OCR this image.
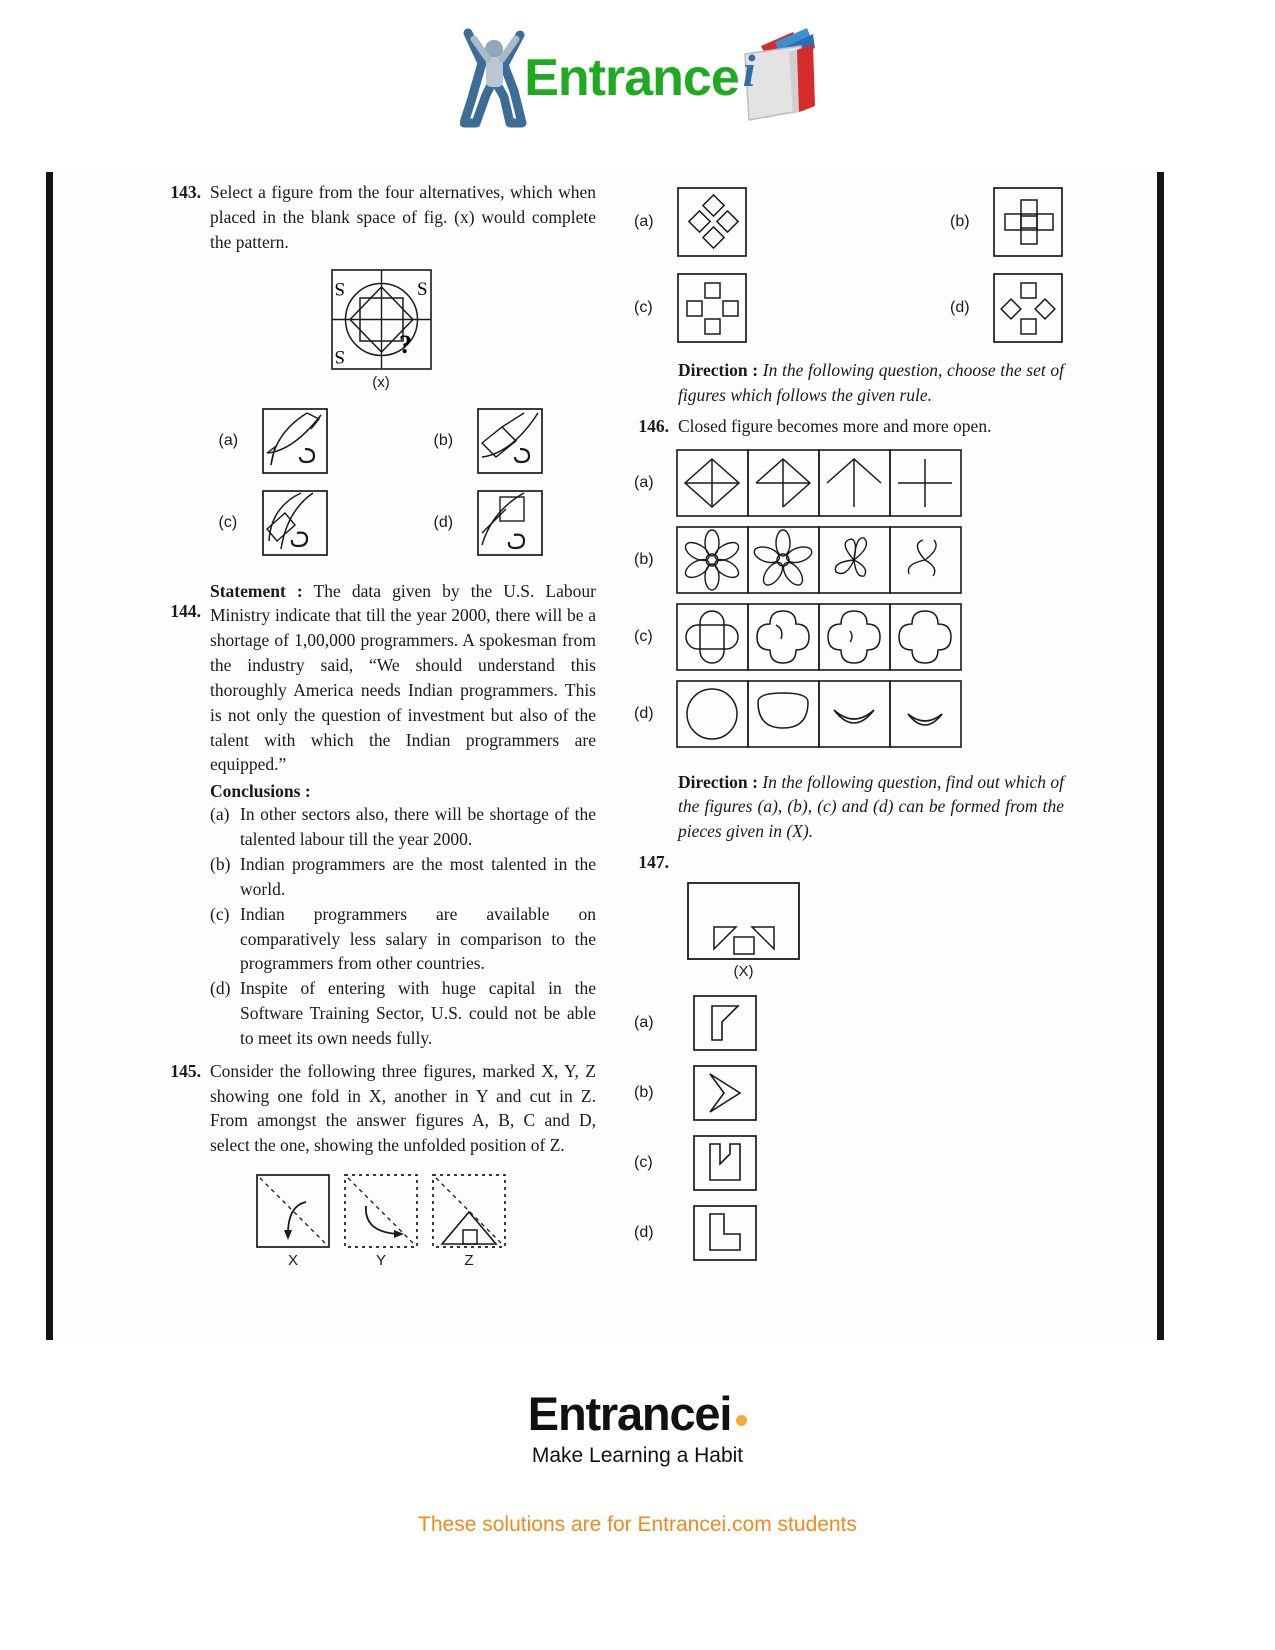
Entrance i
143. Select a figure from the four alternatives, which when placed in the blank space of fig. (x) would complete the pattern.
S	S
S ?
(x)
(a)	(b)
(c)	(d)
144.
Statement : The data given by the U.S. Labour Ministry indicate that till the year 2000, there will be a shortage of 1,00,000 programmers. A spokesman from the industry said, “We should understand this thoroughly America needs Indian programmers. This is not only the question of investment but also of the talent with which the Indian programmers are equipped.”
Conclusions :
(a) In other sectors also, there will be shortage of the talented labour till the year 2000.
(b) Indian programmers are the most talented in the world.
(c) Indian programmers are available on comparatively less salary in comparison to the programmers from other countries.
(d) Inspite of entering with huge capital in the Software Training Sector, U.S. could not be able to meet its own needs fully.
145. Consider the following three figures, marked X, Y, Z showing one fold in X, another in Y and cut in Z. From amongst the answer figures A, B, C and D, select the one, showing the unfolded position of Z.
X	Y	Z
(a)	(b)
(c)	(d)
Direction : In the following question, choose the set of figures which follows the given rule.
146. Closed figure becomes more and more open.
(a)
(b)
(c)
(d)
Direction : In the following question, find out which of the figures (a), (b), (c) and (d) can be formed from the pieces given in (X).
147.
(X)
(a)
(b)
(c)
(d)
Entrancei
Make Learning a Habit
These solutions are for Entrancei.com students
